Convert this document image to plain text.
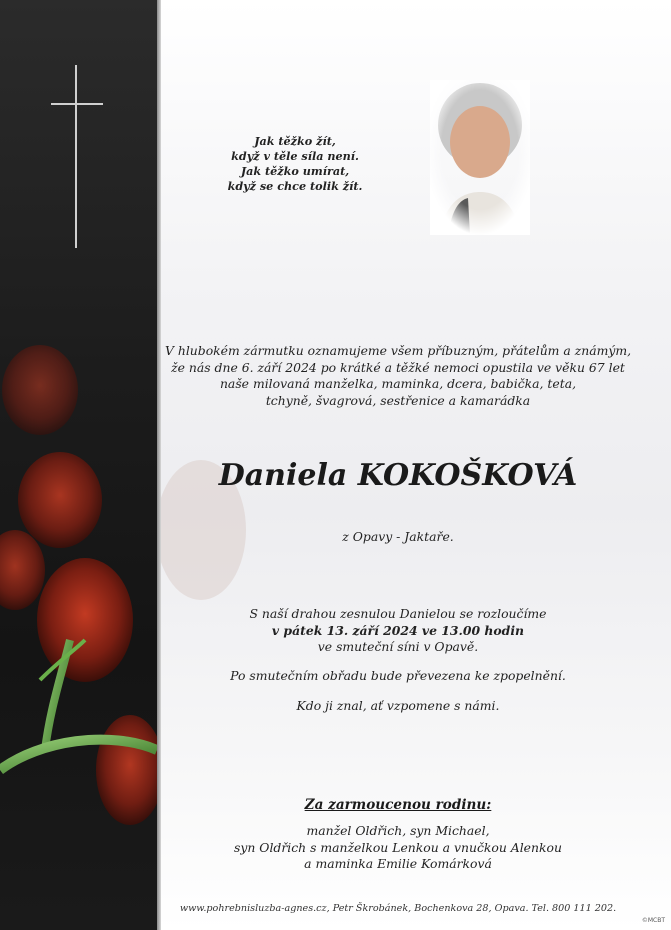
Jak těžko žít,
když v těle síla není.
Jak těžko umírat,
když se chce tolik žít.
V hlubokém zármutku oznamujeme všem příbuzným, přátelům a známým,
že nás dne 6. září 2024 po krátké a těžké nemoci opustila ve věku 67 let
naše milovaná manželka, maminka, dcera, babička, teta,
tchyně, švagrová, sestřenice a kamarádka
Daniela KOKOŠKOVÁ
z Opavy - Jaktaře.
S naší drahou zesnulou Danielou se rozloučíme
v pátek 13. září 2024 ve 13.00 hodin
ve smuteční síni v Opavě.
Po smutečním obřadu bude převezena ke zpopelnění.
Kdo ji znal, ať vzpomene s námi.
Za zarmoucenou rodinu:
manžel Oldřich, syn Michael,
syn Oldřich s manželkou Lenkou a vnučkou Alenkou
a maminka Emilie Komárková
www.pohrebnisluzba-agnes.cz, Petr Škrobánek, Bochenkova 28, Opava. Tel. 800 111 202.
©MCBT
